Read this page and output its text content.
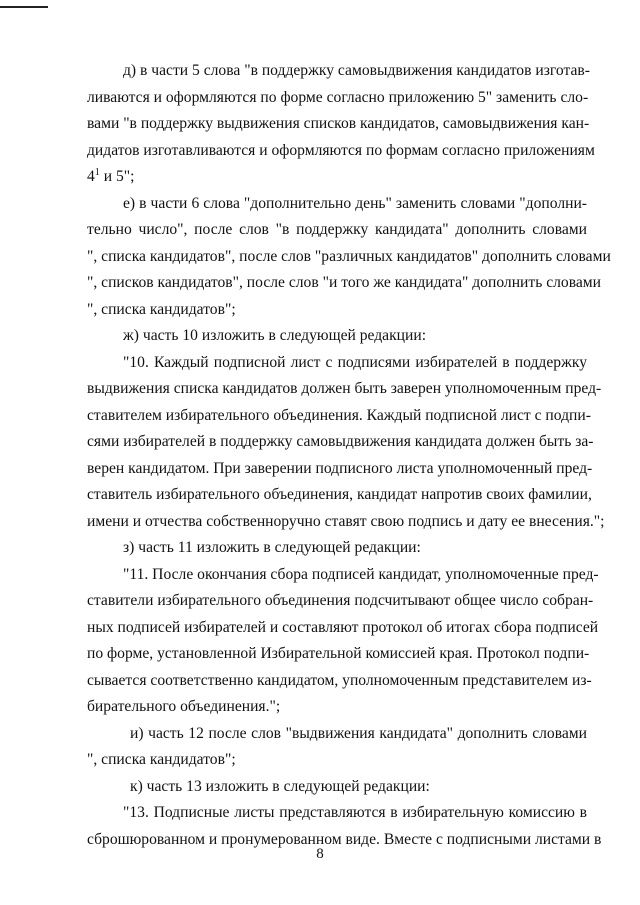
д) в части 5 слова "в поддержку самовыдвижения кандидатов изготав-
ливаются и оформляются по форме согласно приложению 5" заменить сло-
вами "в поддержку выдвижения списков кандидатов, самовыдвижения кан-
дидатов изготавливаются и оформляются по формам согласно приложениям
$4^1$ и 5";
е) в части 6 слова "дополнительно день" заменить словами "дополни-
тельно число", после слов "в поддержку кандидата" дополнить словами
", списка кандидатов", после слов "различных кандидатов" дополнить словами
", списков кандидатов", после слов "и того же кандидата" дополнить словами
", списка кандидатов";
ж) часть 10 изложить в следующей редакции:
"10. Каждый подписной лист с подписями избирателей в поддержку
выдвижения списка кандидатов должен быть заверен уполномоченным пред-
ставителем избирательного объединения. Каждый подписной лист с подпи-
сями избирателей в поддержку самовыдвижения кандидата должен быть за-
верен кандидатом. При заверении подписного листа уполномоченный пред-
ставитель избирательного объединения, кандидат напротив своих фамилии,
имени и отчества собственноручно ставят свою подпись и дату ее внесения.";
з) часть 11 изложить в следующей редакции:
"11. После окончания сбора подписей кандидат, уполномоченные пред-
ставители избирательного объединения подсчитывают общее число собран-
ных подписей избирателей и составляют протокол об итогах сбора подписей
по форме, установленной Избирательной комиссией края. Протокол подпи-
сывается соответственно кандидатом, уполномоченным представителем из-
бирательного объединения.";
и) часть 12 после слов "выдвижения кандидата" дополнить словами
", списка кандидатов";
к) часть 13 изложить в следующей редакции:
"13. Подписные листы представляются в избирательную комиссию в
сброшюрованном и пронумерованном виде. Вместе с подписными листами в
8
